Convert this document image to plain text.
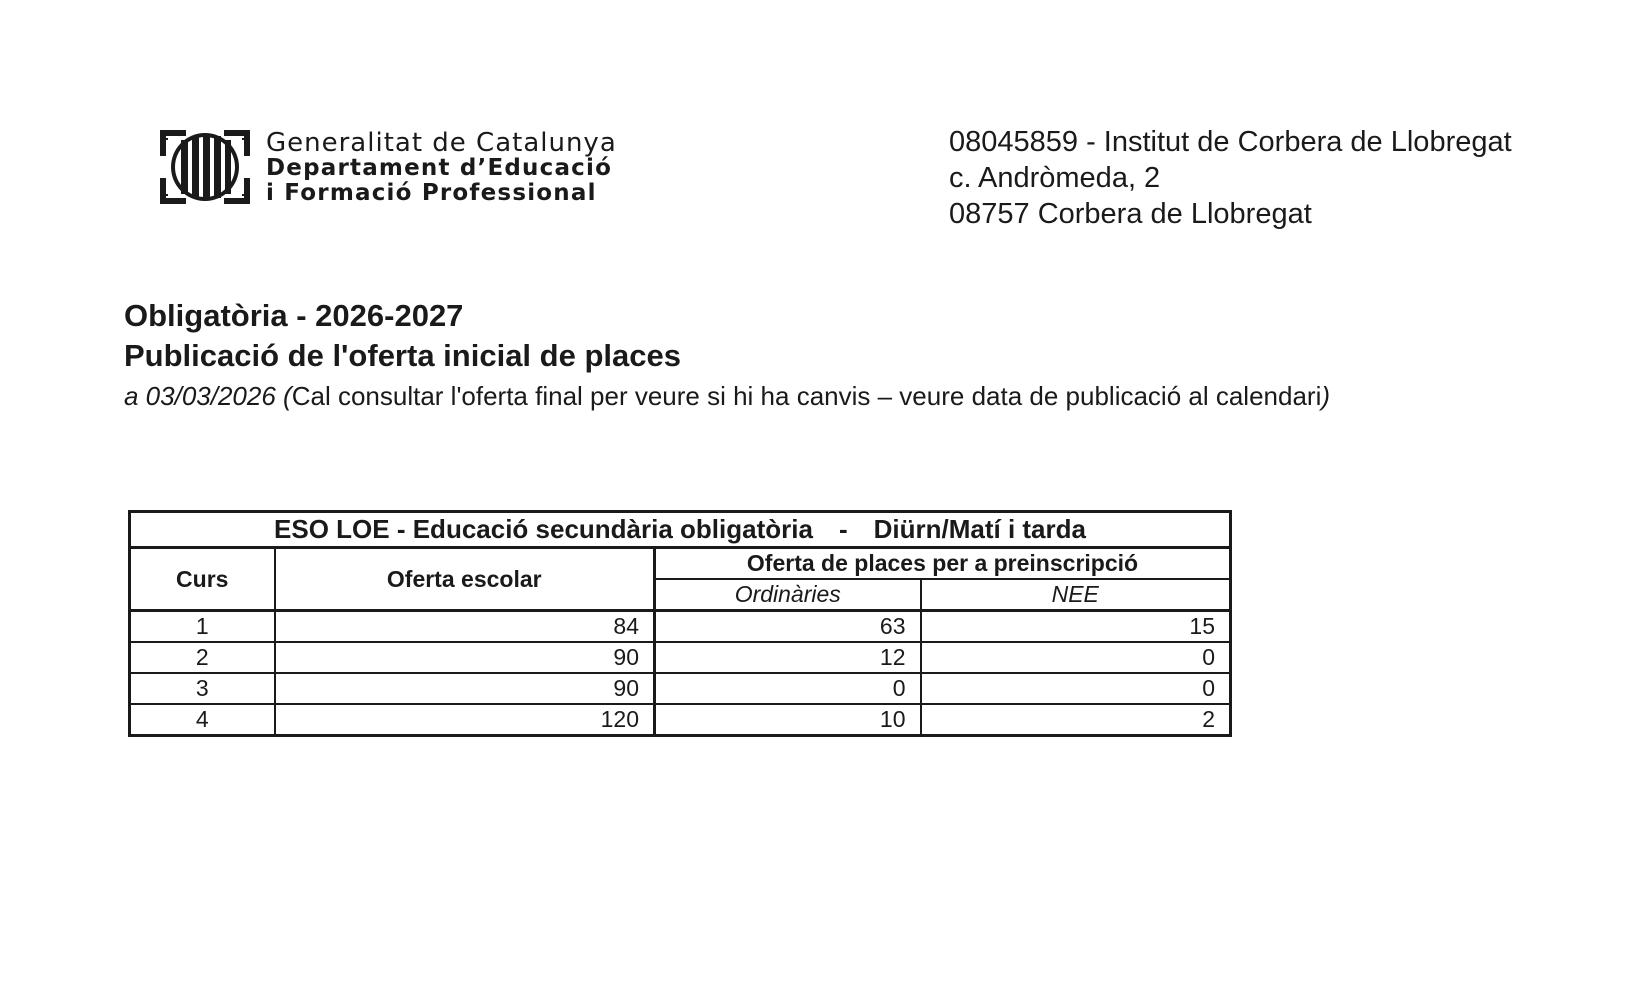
Generalitat de Catalunya
Departament d’Educació
i Formació Professional
08045859 - Institut de Corbera de Llobregat
c. Andròmeda, 2
08757 Corbera de Llobregat
Obligatòria - 2026-2027
Publicació de l'oferta inicial de places
a 03/03/2026 (Cal consultar l'oferta final per veure si hi ha canvis – veure data de publicació al calendari)
ESO LOE - Educació secundària obligatòria - Diürn/Matí i tarda			
Curs	Oferta escolar	Oferta de places per a preinscripció	
		Ordinàries	NEE
1	84	63	15
2	90	12	0
3	90	0	0
4	120	10	2
